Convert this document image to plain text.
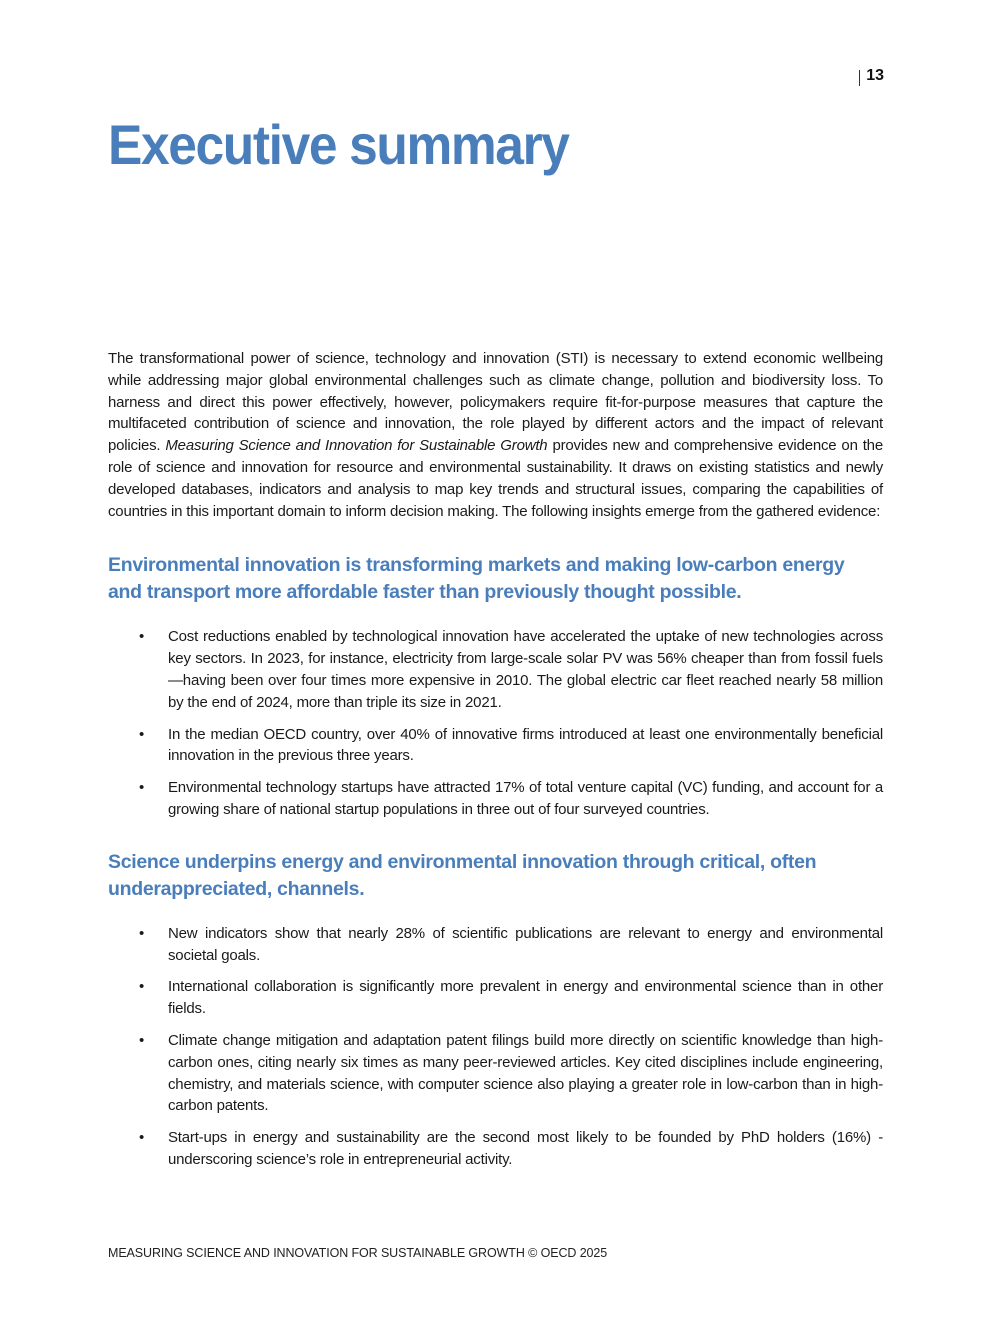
13
Executive summary

The transformational power of science, technology and innovation (STI) is necessary to extend economic wellbeing while addressing major global environmental challenges such as climate change, pollution and biodiversity loss. To harness and direct this power effectively, however, policymakers require fit-for-purpose measures that capture the multifaceted contribution of science and innovation, the role played by different actors and the impact of relevant policies. Measuring Science and Innovation for Sustainable Growth provides new and comprehensive evidence on the role of science and innovation for resource and environmental sustainability. It draws on existing statistics and newly developed databases, indicators and analysis to map key trends and structural issues, comparing the capabilities of countries in this important domain to inform decision making. The following insights emerge from the gathered evidence:

Environmental innovation is transforming markets and making low-carbon energy and transport more affordable faster than previously thought possible.
• Cost reductions enabled by technological innovation have accelerated the uptake of new technologies across key sectors. In 2023, for instance, electricity from large-scale solar PV was 56% cheaper than from fossil fuels—having been over four times more expensive in 2010. The global electric car fleet reached nearly 58 million by the end of 2024, more than triple its size in 2021.
• In the median OECD country, over 40% of innovative firms introduced at least one environmentally beneficial innovation in the previous three years.
• Environmental technology startups have attracted 17% of total venture capital (VC) funding, and account for a growing share of national startup populations in three out of four surveyed countries.
Science underpins energy and environmental innovation through critical, often underappreciated, channels.
• New indicators show that nearly 28% of scientific publications are relevant to energy and environmental societal goals.
• International collaboration is significantly more prevalent in energy and environmental science than in other fields.
• Climate change mitigation and adaptation patent filings build more directly on scientific knowledge than high-carbon ones, citing nearly six times as many peer-reviewed articles. Key cited disciplines include engineering, chemistry, and materials science, with computer science also playing a greater role in low-carbon than in high-carbon patents.
• Start-ups in energy and sustainability are the second most likely to be founded by PhD holders (16%) - underscoring science’s role in entrepreneurial activity.
MEASURING SCIENCE AND INNOVATION FOR SUSTAINABLE GROWTH © OECD 2025
